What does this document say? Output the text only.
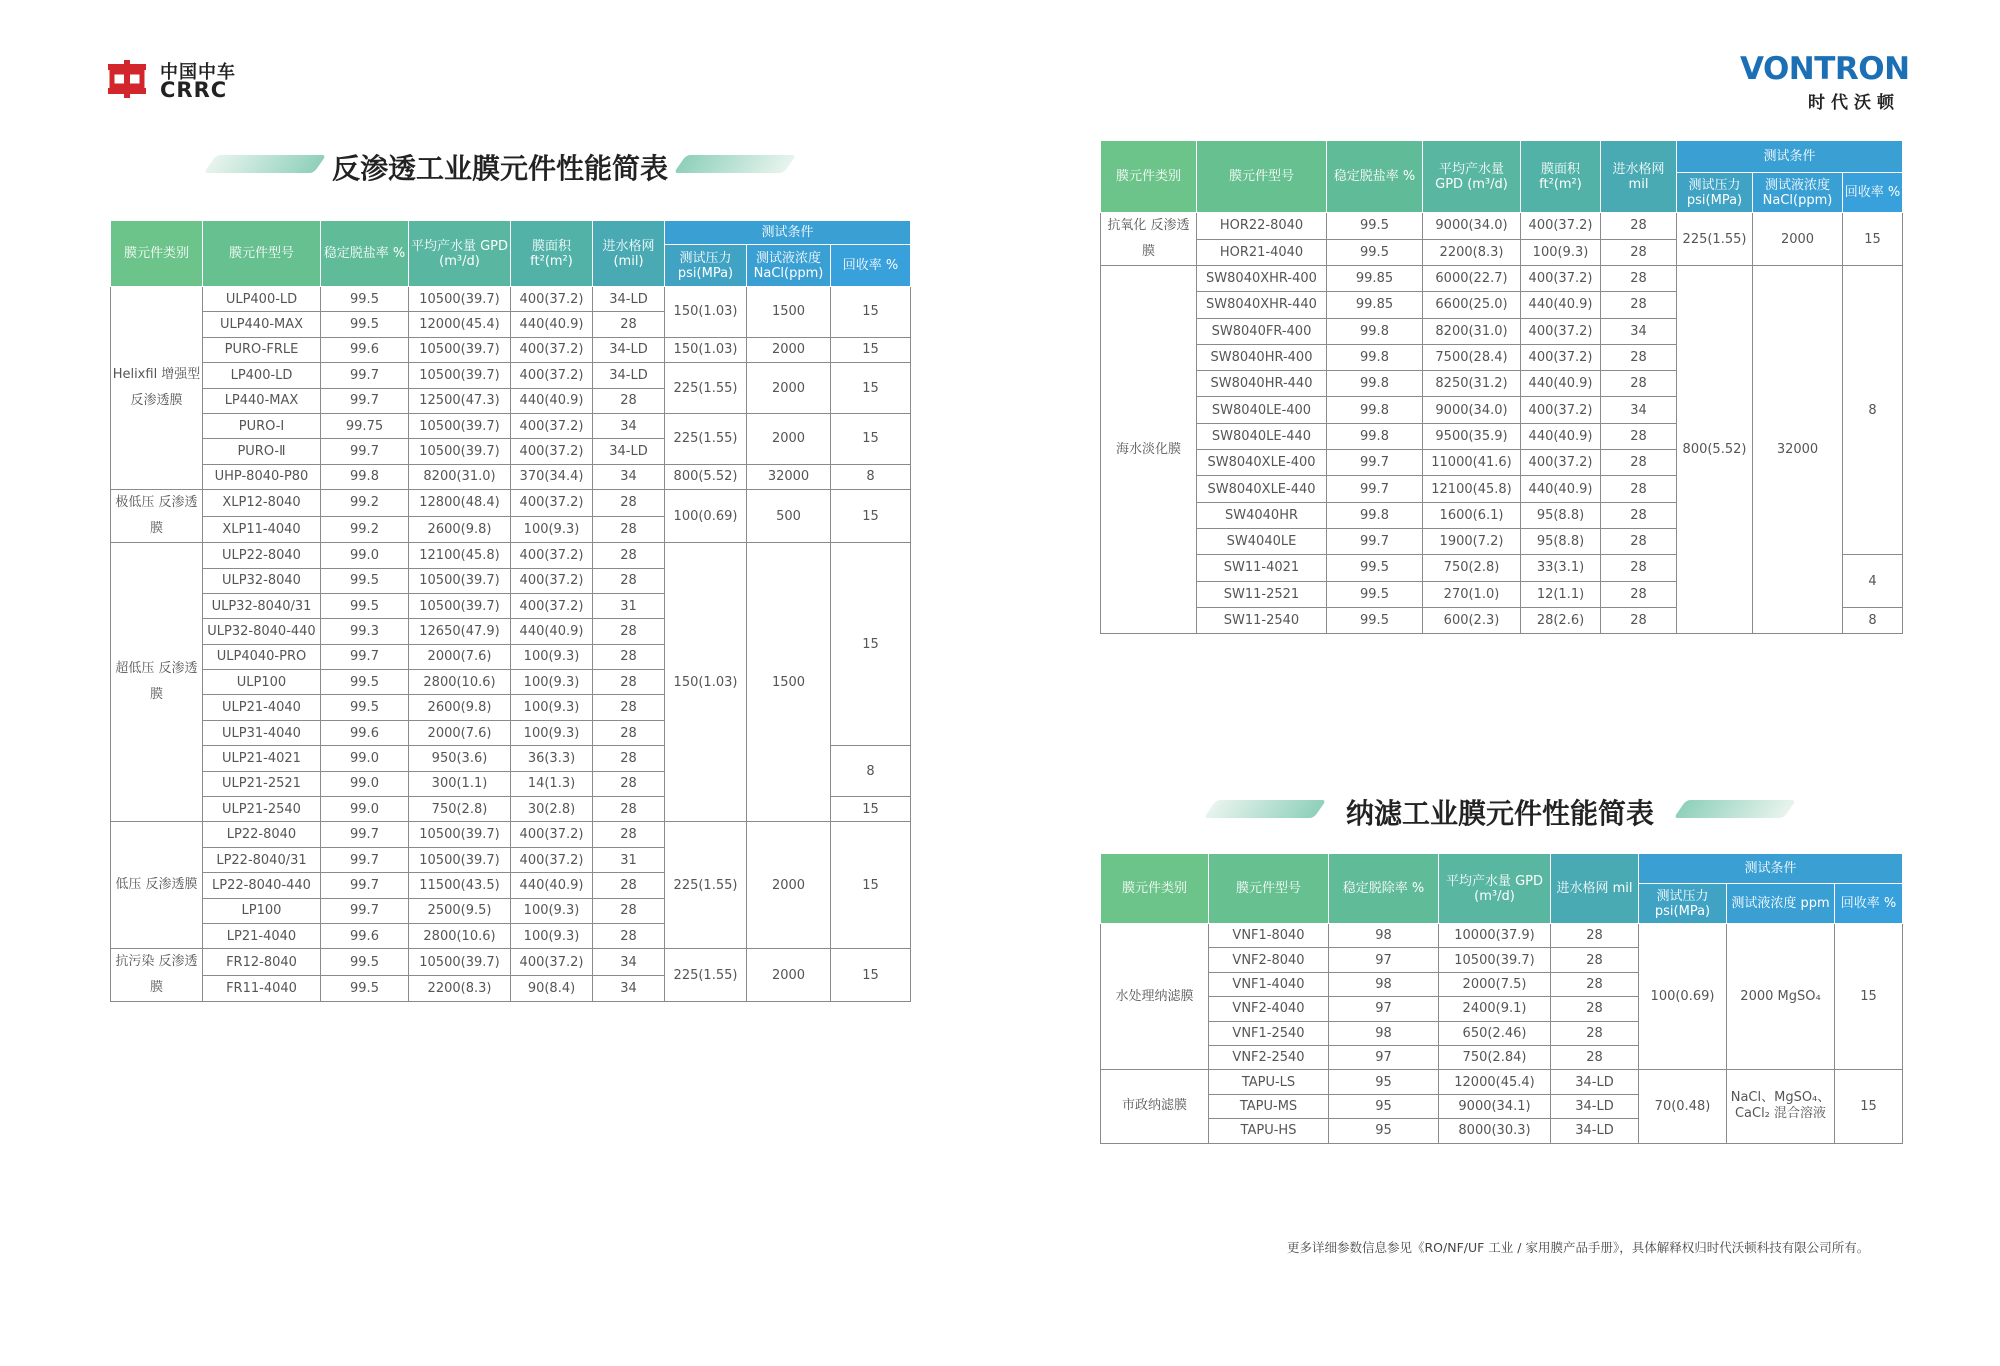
中国中车
CRRC
VONTRON
时代沃顿
反渗透工业膜元件性能简表
膜元件类别	膜元件型号	稳定脱盐率 %	平均产水量 GPD (m³/d)	膜面积 ft²(m²)	进水格网 (mil)	测试条件		
						测试压力 psi(MPa)	测试液浓度 NaCl(ppm)	回收率 %
Helixfil 增强型 反渗透膜	ULP400-LD	99.5	10500(39.7)	400(37.2)	34-LD	150(1.03)	1500	15
	ULP440-MAX	99.5	12000(45.4)	440(40.9)	28			
	PURO-FRLE	99.6	10500(39.7)	400(37.2)	34-LD	150(1.03)	2000	15
	LP400-LD	99.7	10500(39.7)	400(37.2)	34-LD	225(1.55)	2000	15
	LP440-MAX	99.7	12500(47.3)	440(40.9)	28			
	PURO-Ⅰ	99.75	10500(39.7)	400(37.2)	34	225(1.55)	2000	15
	PURO-Ⅱ	99.7	10500(39.7)	400(37.2)	34-LD			
	UHP-8040-P80	99.8	8200(31.0)	370(34.4)	34	800(5.52)	32000	8
极低压 反渗透膜	XLP12-8040	99.2	12800(48.4)	400(37.2)	28	100(0.69)	500	15
	XLP11-4040	99.2	2600(9.8)	100(9.3)	28			
超低压 反渗透膜	ULP22-8040	99.0	12100(45.8)	400(37.2)	28	150(1.03)	1500	15
	ULP32-8040	99.5	10500(39.7)	400(37.2)	28			
	ULP32-8040/31	99.5	10500(39.7)	400(37.2)	31			
	ULP32-8040-440	99.3	12650(47.9)	440(40.9)	28			
	ULP4040-PRO	99.7	2000(7.6)	100(9.3)	28			
	ULP100	99.5	2800(10.6)	100(9.3)	28			
	ULP21-4040	99.5	2600(9.8)	100(9.3)	28			
	ULP31-4040	99.6	2000(7.6)	100(9.3)	28			
	ULP21-4021	99.0	950(3.6)	36(3.3)	28			8
	ULP21-2521	99.0	300(1.1)	14(1.3)	28			
	ULP21-2540	99.0	750(2.8)	30(2.8)	28			15
低压 反渗透膜	LP22-8040	99.7	10500(39.7)	400(37.2)	28	225(1.55)	2000	15
	LP22-8040/31	99.7	10500(39.7)	400(37.2)	31			
	LP22-8040-440	99.7	11500(43.5)	440(40.9)	28			
	LP100	99.7	2500(9.5)	100(9.3)	28			
	LP21-4040	99.6	2800(10.6)	100(9.3)	28			
抗污染 反渗透膜	FR12-8040	99.5	10500(39.7)	400(37.2)	34	225(1.55)	2000	15
	FR11-4040	99.5	2200(8.3)	90(8.4)	34			
膜元件类别	膜元件型号	稳定脱盐率 %	平均产水量 GPD (m³/d)	膜面积 ft²(m²)	进水格网 mil	测试条件		
						测试压力 psi(MPa)	测试液浓度 NaCl(ppm)	回收率 %
抗氧化 反渗透膜	HOR22-8040	99.5	9000(34.0)	400(37.2)	28	225(1.55)	2000	15
	HOR21-4040	99.5	2200(8.3)	100(9.3)	28			
海水淡化膜	SW8040XHR-400	99.85	6000(22.7)	400(37.2)	28	800(5.52)	32000	8
	SW8040XHR-440	99.85	6600(25.0)	440(40.9)	28			
	SW8040FR-400	99.8	8200(31.0)	400(37.2)	34			
	SW8040HR-400	99.8	7500(28.4)	400(37.2)	28			
	SW8040HR-440	99.8	8250(31.2)	440(40.9)	28			
	SW8040LE-400	99.8	9000(34.0)	400(37.2)	34			
	SW8040LE-440	99.8	9500(35.9)	440(40.9)	28			
	SW8040XLE-400	99.7	11000(41.6)	400(37.2)	28			
	SW8040XLE-440	99.7	12100(45.8)	440(40.9)	28			
	SW4040HR	99.8	1600(6.1)	95(8.8)	28			
	SW4040LE	99.7	1900(7.2)	95(8.8)	28			
	SW11-4021	99.5	750(2.8)	33(3.1)	28			4
	SW11-2521	99.5	270(1.0)	12(1.1)	28			
	SW11-2540	99.5	600(2.3)	28(2.6)	28			8
纳滤工业膜元件性能简表
膜元件类别	膜元件型号	稳定脱除率 %	平均产水量 GPD (m³/d)	进水格网 mil	测试条件		
					测试压力 psi(MPa)	测试液浓度 ppm	回收率 %
水处理纳滤膜	VNF1-8040	98	10000(37.9)	28	100(0.69)	2000 MgSO₄	15
	VNF2-8040	97	10500(39.7)	28			
	VNF1-4040	98	2000(7.5)	28			
	VNF2-4040	97	2400(9.1)	28			
	VNF1-2540	98	650(2.46)	28			
	VNF2-2540	97	750(2.84)	28			
市政纳滤膜	TAPU-LS	95	12000(45.4)	34-LD	70(0.48)	NaCl、MgSO₄、CaCl₂ 混合溶液	15
	TAPU-MS	95	9000(34.1)	34-LD			
	TAPU-HS	95	8000(30.3)	34-LD			
更多详细参数信息参见《RO/NF/UF 工业 / 家用膜产品手册》，具体解释权归时代沃顿科技有限公司所有。
